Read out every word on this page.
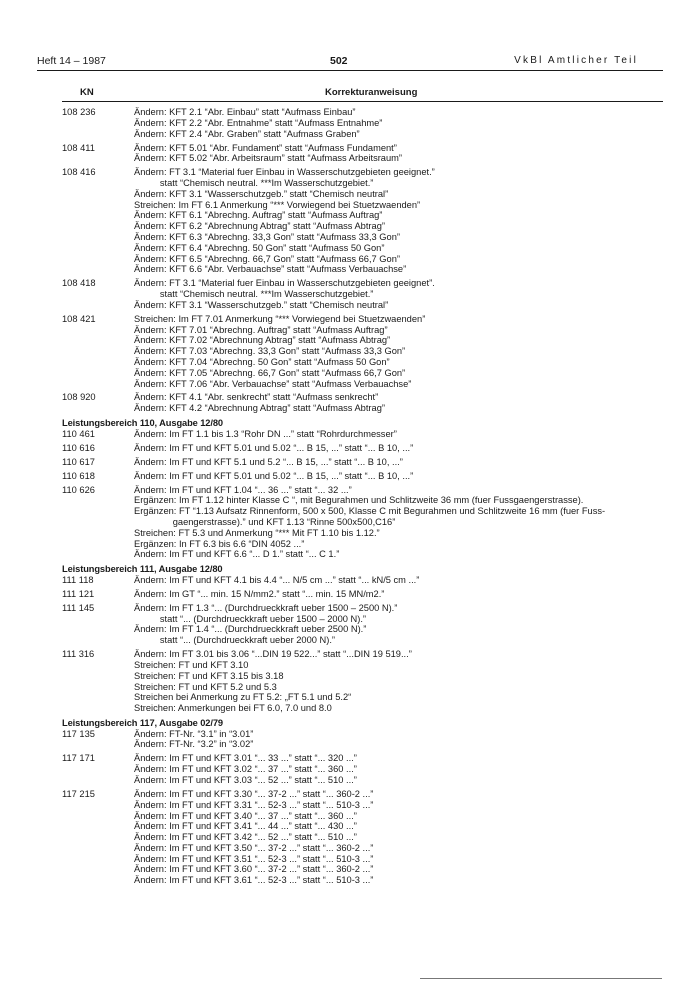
Heft 14 – 1987	502	VkBl Amtlicher Teil
KN	Korrekturanweisung
108 236	Ändern: KFT 2.1 “Abr. Einbau” statt “Aufmass Einbau”
Ändern: KFT 2.2 “Abr. Entnahme” statt “Aufmass Entnahme”
Ändern: KFT 2.4 “Abr. Graben” statt “Aufmass Graben”
108 411	Ändern: KFT 5.01 “Abr. Fundament” statt “Aufmass Fundament”
Ändern: KFT 5.02 “Abr. Arbeitsraum” statt “Aufmass Arbeitsraum”
108 416	Ändern: FT 3.1 “Material fuer Einbau in Wasserschutzgebieten geeignet.”
statt “Chemisch neutral. ***Im Wasserschutzgebiet.”
Ändern: KFT 3.1 “Wasserschutzgeb.” statt “Chemisch neutral”
Streichen: Im FT 6.1 Anmerkung “*** Vorwiegend bei Stuetzwaenden”
Ändern: KFT 6.1 “Abrechng. Auftrag” statt “Aufmass Auftrag”
Ändern: KFT 6.2 “Abrechnung Abtrag” statt “Aufmass Abtrag”
Ändern: KFT 6.3 “Abrechng. 33,3 Gon” statt “Aufmass 33,3 Gon”
Ändern: KFT 6.4 “Abrechng. 50 Gon” statt “Aufmass 50 Gon”
Ändern: KFT 6.5 “Abrechng. 66,7 Gon” statt “Aufmass 66,7 Gon”
Ändern: KFT 6.6 “Abr. Verbauachse” statt “Aufmass Verbauachse”
108 418	Ändern: FT 3.1 “Material fuer Einbau in Wasserschutzgebieten geeignet”.
statt “Chemisch neutral. ***Im Wasserschutzgebiet.”
Ändern: KFT 3.1 “Wasserschutzgeb.” statt “Chemisch neutral”
108 421	Streichen: Im FT 7.01 Anmerkung “*** Vorwiegend bei Stuetzwaenden”
Ändern: KFT 7.01 “Abrechng. Auftrag” statt “Aufmass Auftrag”
Ändern: KFT 7.02 “Abrechnung Abtrag” statt “Aufmass Abtrag”
Ändern: KFT 7.03 “Abrechng. 33,3 Gon” statt “Aufmass 33,3 Gon”
Ändern: KFT 7.04 “Abrechng. 50 Gon” statt “Aufmass 50 Gon”
Ändern: KFT 7.05 “Abrechng. 66,7 Gon” statt “Aufmass 66,7 Gon”
Ändern: KFT 7.06 “Abr. Verbauachse” statt “Aufmass Verbauachse”
108 920	Ändern: KFT 4.1 “Abr. senkrecht” statt “Aufmass senkrecht”
Ändern: KFT 4.2 “Abrechnung Abtrag” statt “Aufmass Abtrag”
Leistungsbereich 110, Ausgabe 12/80
110 461	Ändern: Im FT 1.1 bis 1.3 “Rohr DN ...” statt “Rohrdurchmesser”
110 616	Ändern: Im FT und KFT 5.01 und 5.02 “... B 15, ...” statt “... B 10, ...”
110 617	Ändern: Im FT und KFT 5.1 und 5.2 “... B 15, ...” statt “... B 10, ...”
110 618	Ändern: Im FT und KFT 5.01 und 5.02 “... B 15, ...” statt “... B 10, ...”
110 626	Ändern: Im FT und KFT 1.04 “... 36 ...” statt “... 32 ...”
Ergänzen: Im FT 1.12 hinter Klasse C “, mit Begurahmen und Schlitzweite 36 mm (fuer Fussgaengerstrasse).
Ergänzen: FT “1.13 Aufsatz Rinnenform, 500 x 500, Klasse C mit Begurahmen und Schlitzweite 16 mm (fuer Fuss-
gaengerstrasse).” und KFT 1.13 “Rinne 500x500,C16”
Streichen: FT 5.3 und Anmerkung “*** Mit FT 1.10 bis 1.12.”
Ergänzen: In FT 6.3 bis 6.6 “DIN 4052 ...”
Ändern: Im FT und KFT 6.6 “... D 1.” statt “... C 1.”
Leistungsbereich 111, Ausgabe 12/80
111 118	Ändern: Im FT und KFT 4.1 bis 4.4 “... N/5 cm ...” statt “... kN/5 cm ...”
111 121	Ändern: Im GT “... min. 15 N/mm2.” statt “... min. 15 MN/m2.”
111 145	Ändern: Im FT 1.3 “... (Durchdrueckkraft ueber 1500 – 2500 N).”
statt “... (Durchdrueckkraft ueber 1500 – 2000 N).”
Ändern: Im FT 1.4 “... (Durchdrueckkraft ueber 2500 N).”
statt “... (Durchdrueckkraft ueber 2000 N).”
111 316	Ändern: Im FT 3.01 bis 3.06 “...DIN 19 522...” statt “...DIN 19 519...”
Streichen: FT und KFT 3.10
Streichen: FT und KFT 3.15 bis 3.18
Streichen: FT und KFT 5.2 und 5.3
Streichen bei Anmerkung zu FT 5.2: „FT 5.1 und 5.2“
Streichen: Anmerkungen bei FT 6.0, 7.0 und 8.0
Leistungsbereich 117, Ausgabe 02/79
117 135	Ändern: FT-Nr. “3.1” in “3.01”
Ändern: FT-Nr. “3.2” in “3.02”
117 171	Ändern: Im FT und KFT 3.01 “... 33 ...” statt “... 320 ...”
Ändern: Im FT und KFT 3.02 “... 37 ...” statt “... 360 ...”
Ändern: Im FT und KFT 3.03 “... 52 ...” statt “... 510 ...”
117 215	Ändern: Im FT und KFT 3.30 “... 37-2 ...” statt “... 360-2 ...”
Ändern: Im FT und KFT 3.31 “... 52-3 ...” statt “... 510-3 ...”
Ändern: Im FT und KFT 3.40 “... 37 ...” statt “... 360 ...”
Ändern: Im FT und KFT 3.41 “... 44 ...” statt “... 430 ...”
Ändern: Im FT und KFT 3.42 “... 52 ...” statt “... 510 ...”
Ändern: Im FT und KFT 3.50 “... 37-2 ...” statt “... 360-2 ...”
Ändern: Im FT und KFT 3.51 “... 52-3 ...” statt “... 510-3 ...”
Ändern: Im FT und KFT 3.60 “... 37-2 ...” statt “... 360-2 ...”
Ändern: Im FT und KFT 3.61 “... 52-3 ...” statt “... 510-3 ...”
